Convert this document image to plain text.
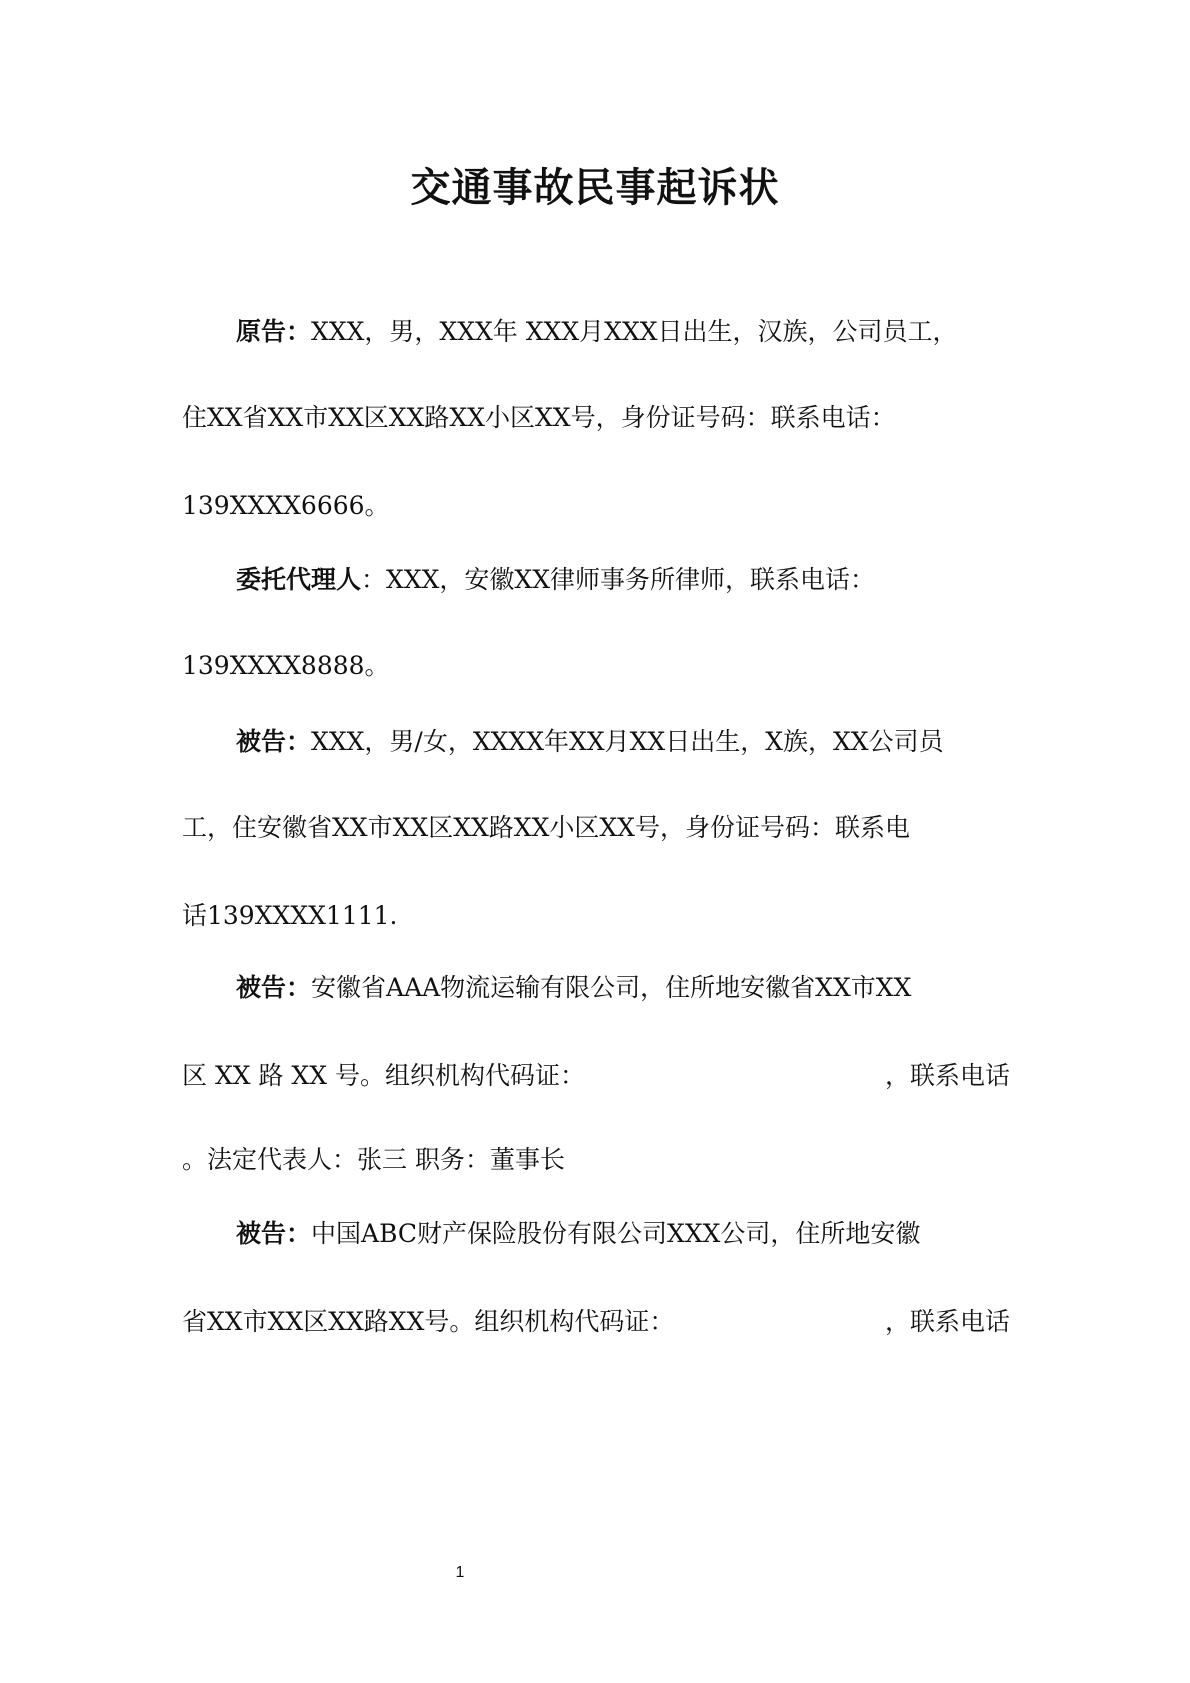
交通事故民事起诉状
原告：XXX，男，XXX年 XXX月XXX日出生，汉族，公司员工，
住XX省XX市XX区XX路XX小区XX号，身份证号码：联系电话：
139XXXX6666。
委托代理人：XXX，安徽XX律师事务所律师，联系电话：
139XXXX8888。
被告：XXX，男/女，XXXX年XX月XX日出生，X族，XX公司员
工，住安徽省XX市XX区XX路XX小区XX号，身份证号码：联系电
话139XXXX1111.
被告：安徽省AAA物流运输有限公司，住所地安徽省XX市XX
区 XX 路 XX 号。组织机构代码证：	，联系电话
。法定代表人：张三 职务：董事长
被告：中国ABC财产保险股份有限公司XXX公司，住所地安徽
省XX市XX区XX路XX号。组织机构代码证：	，联系电话
1
